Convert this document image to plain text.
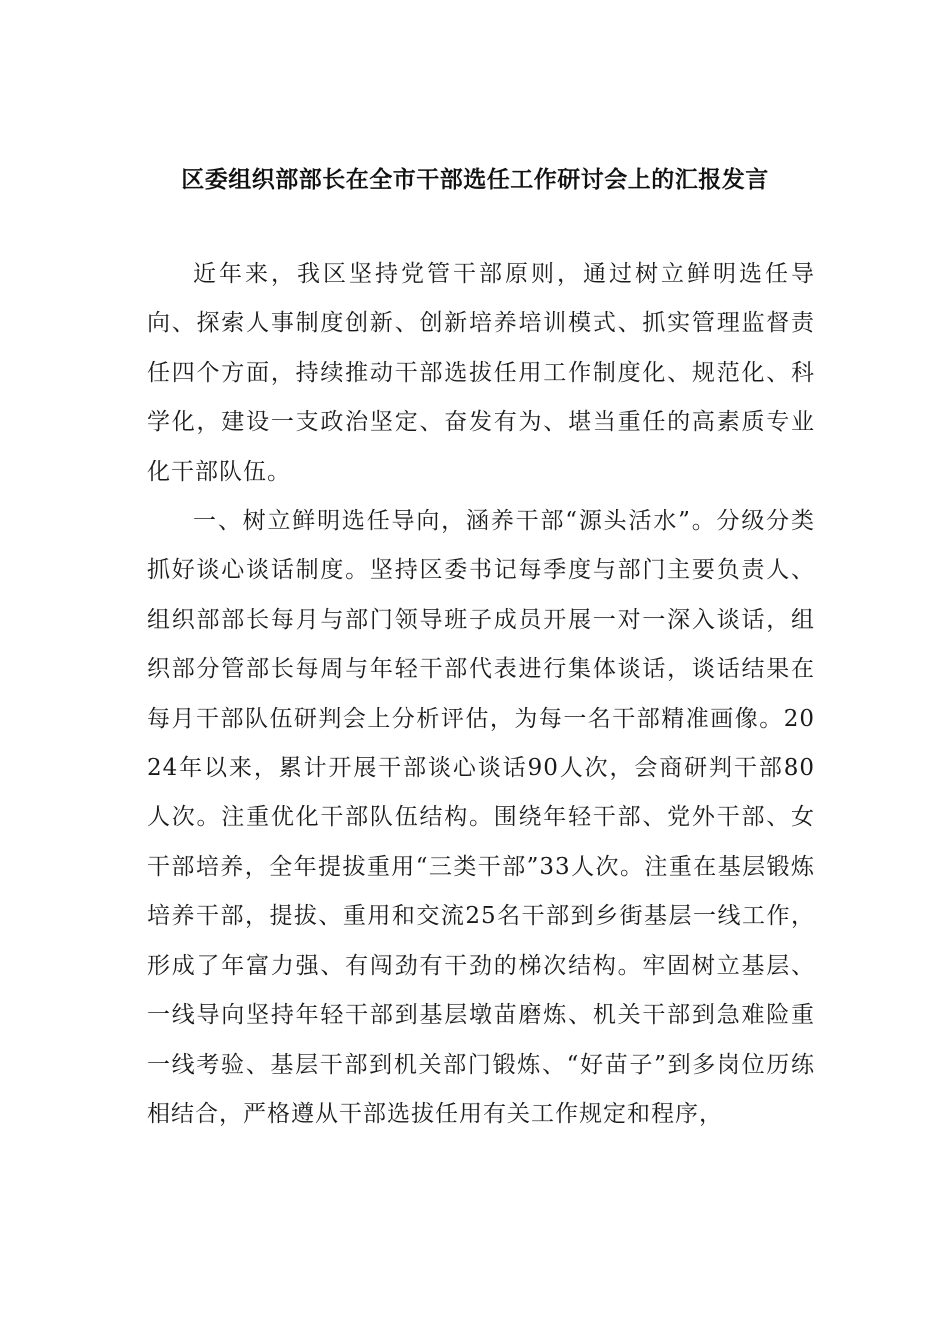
区委组织部部长在全市干部选任工作研讨会上的汇报发言

近年来，我区坚持党管干部原则，通过树立鲜明选任导向、探索人事制度创新、创新培养培训模式、抓实管理监督责任四个方面，持续推动干部选拔任用工作制度化、规范化、科学化，建设一支政治坚定、奋发有为、堪当重任的高素质专业化干部队伍。

一、树立鲜明选任导向，涵养干部“源头活水”。分级分类抓好谈心谈话制度。坚持区委书记每季度与部门主要负责人、组织部部长每月与部门领导班子成员开展一对一深入谈话，组织部分管部长每周与年轻干部代表进行集体谈话，谈话结果在每月干部队伍研判会上分析评估，为每一名干部精准画像。2024年以来，累计开展干部谈心谈话90人次，会商研判干部80人次。注重优化干部队伍结构。围绕年轻干部、党外干部、女干部培养，全年提拔重用“三类干部”33人次。注重在基层锻炼培养干部，提拔、重用和交流25名干部到乡街基层一线工作，形成了年富力强、有闯劲有干劲的梯次结构。牢固树立基层、一线导向坚持年轻干部到基层墩苗磨炼、机关干部到急难险重一线考验、基层干部到机关部门锻炼、“好苗子”到多岗位历练相结合，严格遵从干部选拔任用有关工作规定和程序，
